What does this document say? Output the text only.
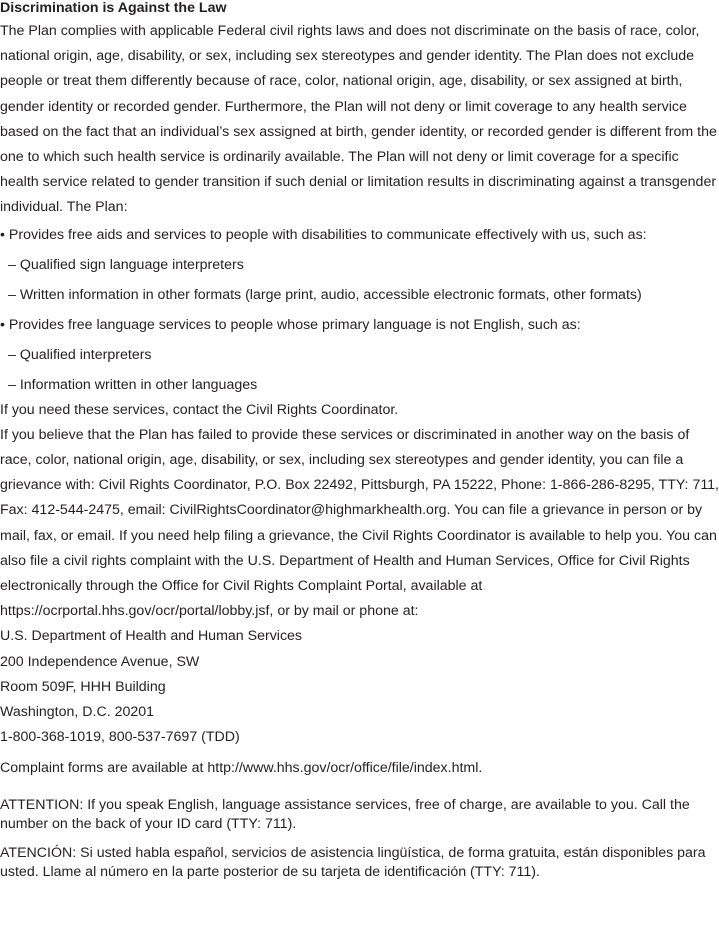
Discrimination is Against the Law

The Plan complies with applicable Federal civil rights laws and does not discriminate on the basis of race, color, national origin, age, disability, or sex, including sex stereotypes and gender identity. The Plan does not exclude people or treat them differently because of race, color, national origin, age, disability, or sex assigned at birth, gender identity or recorded gender. Furthermore, the Plan will not deny or limit coverage to any health service based on the fact that an individual’s sex assigned at birth, gender identity, or recorded gender is different from the one to which such health service is ordinarily available. The Plan will not deny or limit coverage for a specific health service related to gender transition if such denial or limitation results in discriminating against a transgender individual. The Plan:

• Provides free aids and services to people with disabilities to communicate effectively with us, such as:

– Qualified sign language interpreters

– Written information in other formats (large print, audio, accessible electronic formats, other formats)

• Provides free language services to people whose primary language is not English, such as:

– Qualified interpreters

– Information written in other languages

If you need these services, contact the Civil Rights Coordinator.

If you believe that the Plan has failed to provide these services or discriminated in another way on the basis of race, color, national origin, age, disability, or sex, including sex stereotypes and gender identity, you can file a grievance with: Civil Rights Coordinator, P.O. Box 22492, Pittsburgh, PA 15222, Phone: 1-866-286-8295, TTY: 711, Fax: 412-544-2475, email: CivilRightsCoordinator@highmarkhealth.org. You can file a grievance in person or by mail, fax, or email. If you need help filing a grievance, the Civil Rights Coordinator is available to help you. You can also file a civil rights complaint with the U.S. Department of Health and Human Services, Office for Civil Rights electronically through the Office for Civil Rights Complaint Portal, available at https://ocrportal.hhs.gov/ocr/portal/lobby.jsf, or by mail or phone at:

U.S. Department of Health and Human Services

200 Independence Avenue, SW

Room 509F, HHH Building

Washington, D.C. 20201

1-800-368-1019, 800-537-7697 (TDD)

Complaint forms are available at http://www.hhs.gov/ocr/office/file/index.html.

ATTENTION: If you speak English, language assistance services, free of charge, are available to you. Call the number on the back of your ID card (TTY: 711).

ATENCIÓN: Si usted habla español, servicios de asistencia lingüística, de forma gratuita, están disponibles para usted. Llame al número en la parte posterior de su tarjeta de identificación (TTY: 711).
